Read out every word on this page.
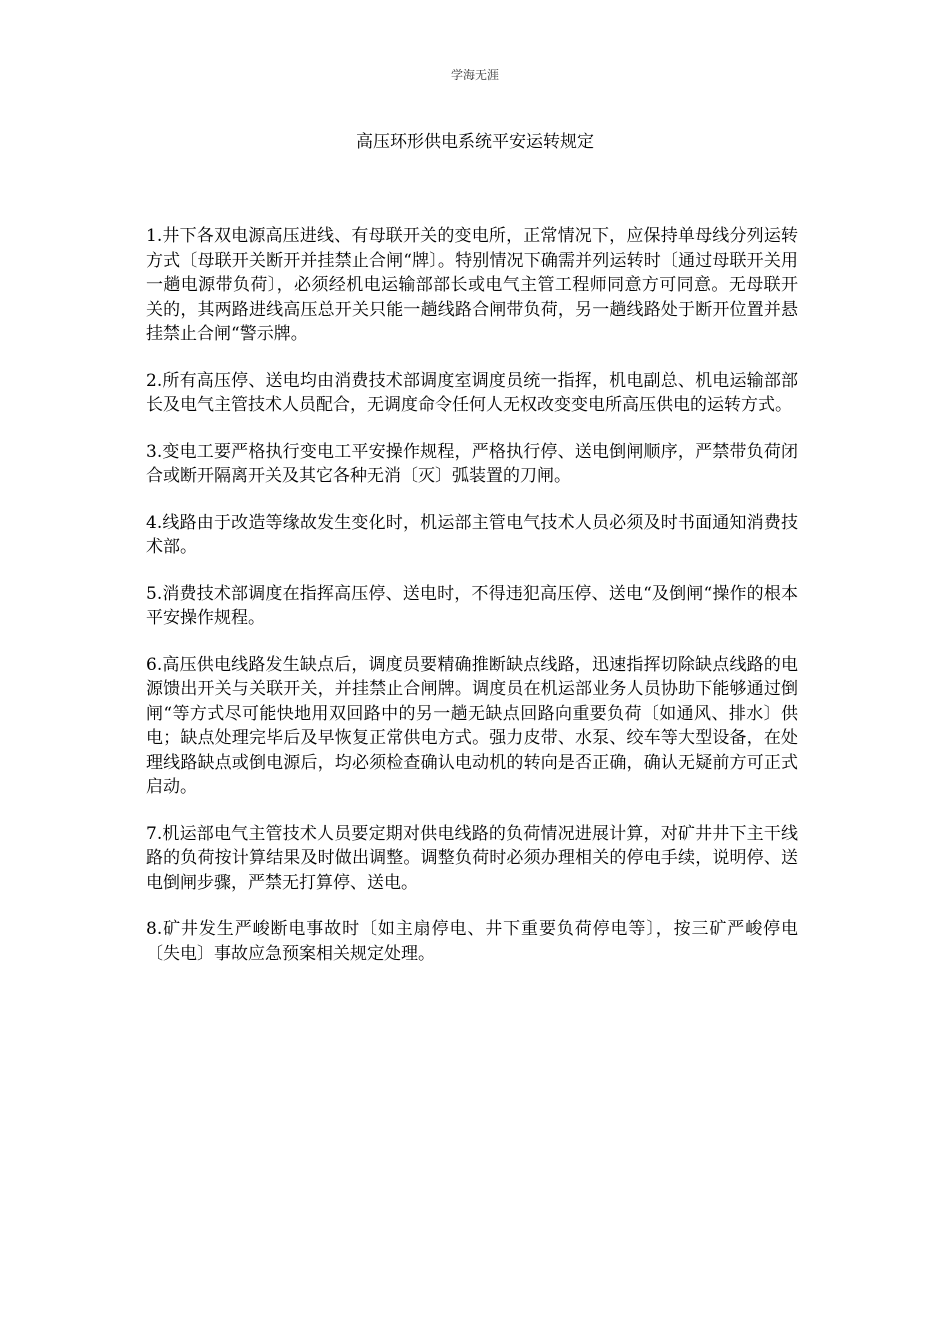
学海无涯
高压环形供电系统平安运转规定

1.井下各双电源高压进线、有母联开关的变电所，正常情况下，应保持单母线分列运转方式〔母联开关断开并挂禁止合闸“牌〕。特别情况下确需并列运转时〔通过母联开关用一趟电源带负荷〕，必须经机电运输部部长或电气主管工程师同意方可同意。无母联开关的，其两路进线高压总开关只能一趟线路合闸带负荷，另一趟线路处于断开位置并悬挂禁止合闸“警示牌。

2.所有高压停、送电均由消费技术部调度室调度员统一指挥，机电副总、机电运输部部长及电气主管技术人员配合，无调度命令任何人无权改变变电所高压供电的运转方式。

3.变电工要严格执行变电工平安操作规程，严格执行停、送电倒闸顺序，严禁带负荷闭合或断开隔离开关及其它各种无消〔灭〕弧装置的刀闸。

4.线路由于改造等缘故发生变化时，机运部主管电气技术人员必须及时书面通知消费技术部。

5.消费技术部调度在指挥高压停、送电时，不得违犯高压停、送电“及倒闸“操作的根本平安操作规程。

6.高压供电线路发生缺点后，调度员要精确推断缺点线路，迅速指挥切除缺点线路的电源馈出开关与关联开关，并挂禁止合闸牌。调度员在机运部业务人员协助下能够通过倒闸“等方式尽可能快地用双回路中的另一趟无缺点回路向重要负荷〔如通风、排水〕供电；缺点处理完毕后及早恢复正常供电方式。强力皮带、水泵、绞车等大型设备，在处理线路缺点或倒电源后，均必须检查确认电动机的转向是否正确，确认无疑前方可正式启动。

7.机运部电气主管技术人员要定期对供电线路的负荷情况进展计算，对矿井井下主干线路的负荷按计算结果及时做出调整。调整负荷时必须办理相关的停电手续，说明停、送电倒闸步骤，严禁无打算停、送电。

8.矿井发生严峻断电事故时〔如主扇停电、井下重要负荷停电等〕，按三矿严峻停电〔失电〕事故应急预案相关规定处理。
